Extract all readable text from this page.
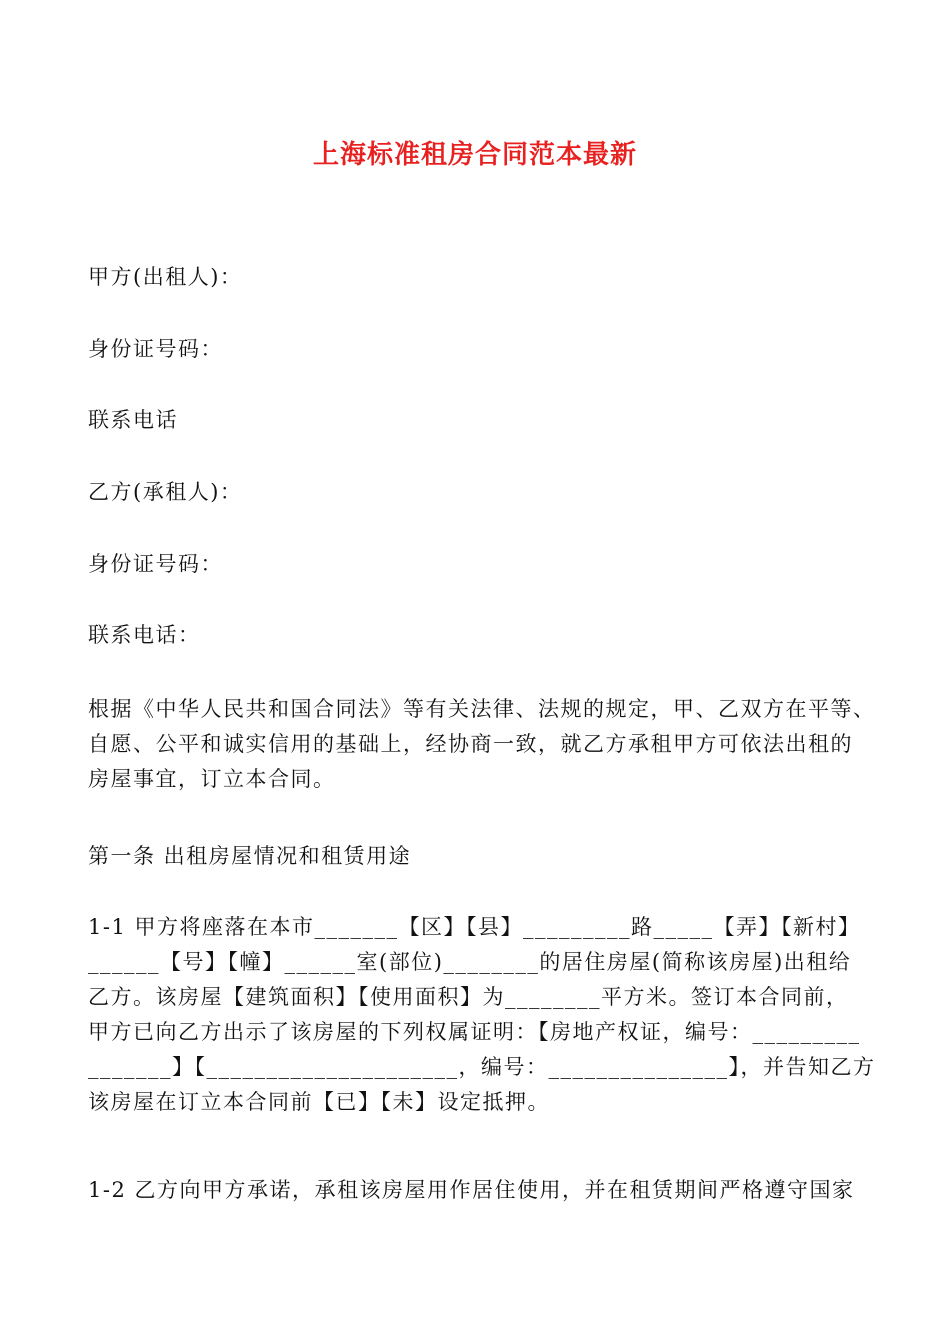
上海标准租房合同范本最新
甲方(出租人)：
身份证号码：
联系电话
乙方(承租人)：
身份证号码：
联系电话：
根据《中华人民共和国合同法》等有关法律、法规的规定，甲、乙双方在平等、
自愿、公平和诚实信用的基础上，经协商一致，就乙方承租甲方可依法出租的
房屋事宜，订立本合同。
第一条 出租房屋情况和租赁用途
1-1 甲方将座落在本市_______【区】【县】_________路_____【弄】【新村】
______【号】【幢】______室(部位)________的居住房屋(简称该房屋)出租给
乙方。该房屋【建筑面积】【使用面积】为________平方米。签订本合同前，
甲方已向乙方出示了该房屋的下列权属证明：【房地产权证，编号：_________
_______】【_____________________，编号：_______________】，并告知乙方
该房屋在订立本合同前【已】【未】设定抵押。
1-2 乙方向甲方承诺，承租该房屋用作居住使用，并在租赁期间严格遵守国家
